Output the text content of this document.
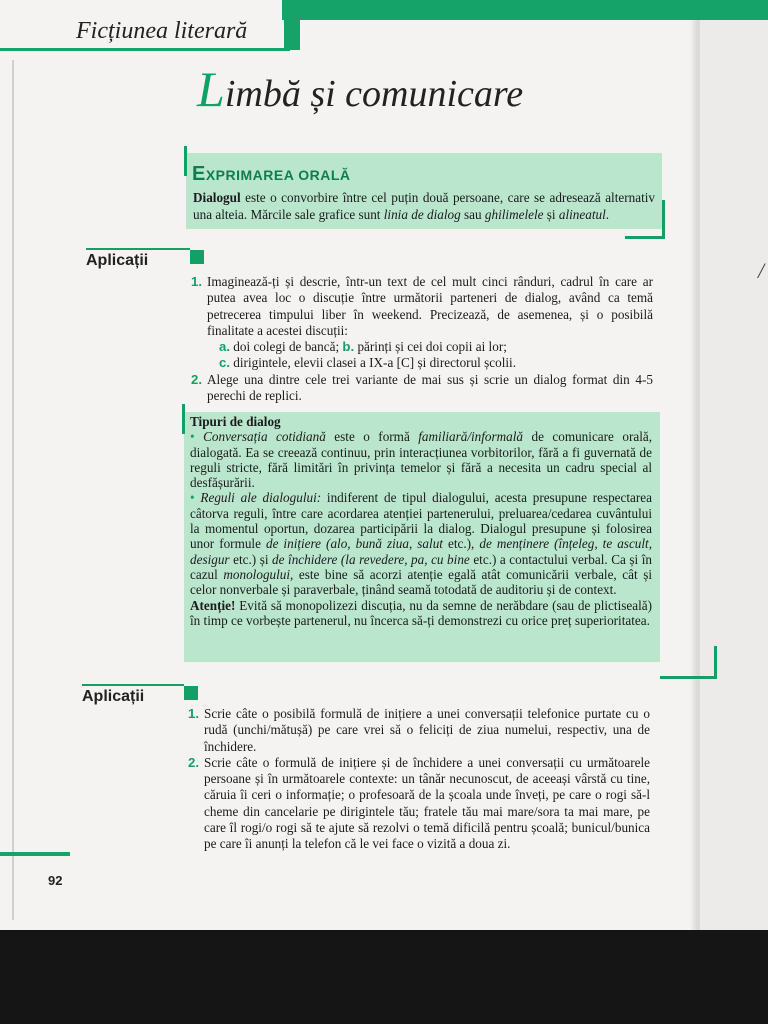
/
Ficțiunea literară
Limbă și comunicare
EXPRIMAREA ORALĂ
Dialogul este o convorbire între cel puțin două persoane, care se adresează alternativ una alteia. Mărcile sale grafice sunt linia de dialog sau ghilimelele și alineatul.
Aplicații
1. Imaginează-ți și descrie, într-un text de cel mult cinci rânduri, cadrul în care ar putea avea loc o discuție între următorii parteneri de dialog, având ca temă petrecerea timpului liber în weekend. Precizează, de asemenea, și o posibilă finalitate a acestei discuții:
a. doi colegi de bancă; b. părinți și cei doi copii ai lor;
c. dirigintele, elevii clasei a IX-a [C] și directorul școlii.
2. Alege una dintre cele trei variante de mai sus și scrie un dialog format din 4-5 perechi de replici.
Tipuri de dialog
• Conversația cotidiană este o formă familiară/informală de comunicare orală, dialogată. Ea se creează continuu, prin interacțiunea vorbitorilor, fără a fi guvernată de reguli stricte, fără limitări în privința temelor și fără a necesita un cadru special al desfășurării.
• Reguli ale dialogului: indiferent de tipul dialogului, acesta presupune respectarea câtorva reguli, între care acordarea atenției partenerului, preluarea/cedarea cuvântului la momentul oportun, dozarea participării la dialog. Dialogul presupune și folosirea unor formule de inițiere (alo, bună ziua, salut etc.), de menținere (înțeleg, te ascult, desigur etc.) și de închidere (la revedere, pa, cu bine etc.) a contactului verbal. Ca și în cazul monologului, este bine să acorzi atenție egală atât comunicării verbale, cât și celor nonverbale și paraverbale, ținând seamă totodată de auditoriu și de context.
Atenție! Evită să monopolizezi discuția, nu da semne de nerăbdare (sau de plictiseală) în timp ce vorbește partenerul, nu încerca să-ți demonstrezi cu orice preț superioritatea.
Aplicații
1. Scrie câte o posibilă formulă de inițiere a unei conversații telefonice purtate cu o rudă (unchi/mătușă) pe care vrei să o feliciți de ziua numelui, respectiv, una de închidere.
2. Scrie câte o formulă de inițiere și de închidere a unei conversații cu următoarele persoane și în următoarele contexte: un tânăr necunoscut, de aceeași vârstă cu tine, căruia îi ceri o informație; o profesoară de la școala unde înveți, pe care o rogi să-l cheme din cancelarie pe dirigintele tău; fratele tău mai mare/sora ta mai mare, pe care îl rogi/o rogi să te ajute să rezolvi o temă dificilă pentru școală; bunicul/bunica pe care îi anunți la telefon că le vei face o vizită a doua zi.
92
